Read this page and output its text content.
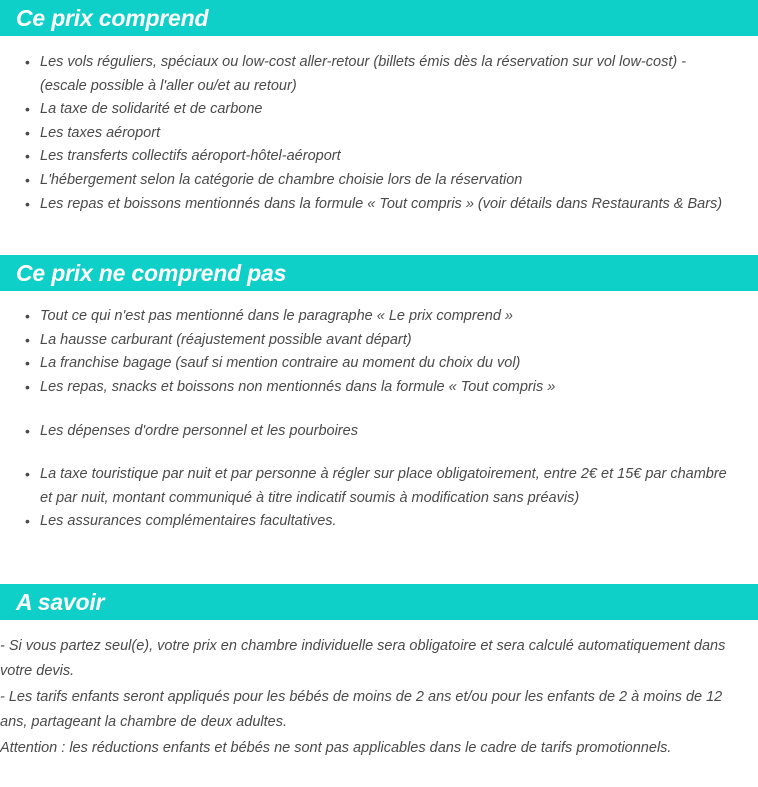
Ce prix comprend
• Les vols réguliers, spéciaux ou low-cost aller-retour (billets émis dès la réservation sur vol low-cost) - (escale possible à l'aller ou/et au retour)
• La taxe de solidarité et de carbone
• Les taxes aéroport
• Les transferts collectifs aéroport-hôtel-aéroport
• L'hébergement selon la catégorie de chambre choisie lors de la réservation
• Les repas et boissons mentionnés dans la formule « Tout compris » (voir détails dans Restaurants & Bars)
Ce prix ne comprend pas
• Tout ce qui n'est pas mentionné dans le paragraphe « Le prix comprend »
• La hausse carburant (réajustement possible avant départ)
• La franchise bagage (sauf si mention contraire au moment du choix du vol)
• Les repas, snacks et boissons non mentionnés dans la formule « Tout compris »
• Les dépenses d'ordre personnel et les pourboires
• La taxe touristique par nuit et par personne à régler sur place obligatoirement, entre 2€ et 15€ par chambre et par nuit, montant communiqué à titre indicatif soumis à modification sans préavis)
• Les assurances complémentaires facultatives.
A savoir

- Si vous partez seul(e), votre prix en chambre individuelle sera obligatoire et sera calculé automatiquement dans votre devis.

- Les tarifs enfants seront appliqués pour les bébés de moins de 2 ans et/ou pour les enfants de 2 à moins de 12 ans, partageant la chambre de deux adultes.

Attention : les réductions enfants et bébés ne sont pas applicables dans le cadre de tarifs promotionnels.
